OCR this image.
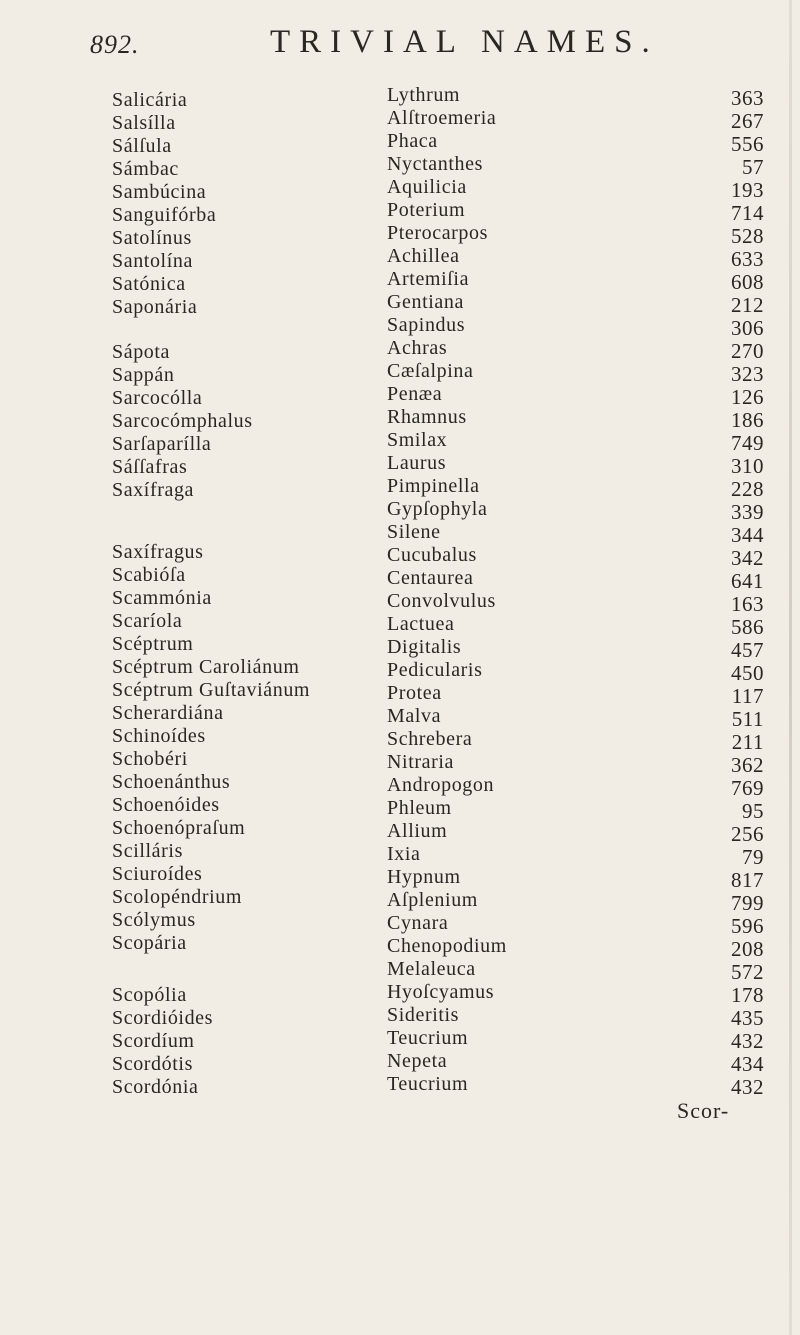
892.	TRIVIAL NAMES.
Salicária
Salsílla
Sálſula
Sámbac
Sambúcina
Sanguifórba
Satolínus
Santolína
Satónica
Saponária
Sápota
Sappán
Sarcocólla
Sarcocómphalus
Sarſaparílla
Sáſſafras
Saxífraga
Saxífragus
Scabióſa
Scammónia
Scaríola
Scéptrum
Scéptrum Caroliánum
Scéptrum Guſtaviánum
Scherardiána
Schinoídes
Schobéri
Schoenánthus
Schoenóides
Schoenópraſum
Scilláris
Sciuroídes
Scolopéndrium
Scólymus
Scopária
Scopólia
Scordióides
Scordíum
Scordótis
Scordónia
Lythrum
Alſtroemeria
Phaca
Nyctanthes
Aquilicia
Poterium
Pterocarpos
Achillea
Artemiſia
Gentiana
Sapindus
Achras
Cæſalpina
Penæa
Rhamnus
Smilax
Laurus
Pimpinella
Gypſophyla
Silene
Cucubalus
Centaurea
Convolvulus
Lactuea
Digitalis
Pedicularis
Protea
Malva
Schrebera
Nitraria
Andropogon
Phleum
Allium
Ixia
Hypnum
Aſplenium
Cynara
Chenopodium
Melaleuca
Hyoſcyamus
Sideritis
Teucrium
Nepeta
Teucrium
363
267
556
57
193
714
528
633
608
212
306
270
323
126
186
749
310
228
339
344
342
641
163
586
457
450
117
511
211
362
769
95
256
79
817
799
596
208
572
178
435
432
434
432
Scor-
